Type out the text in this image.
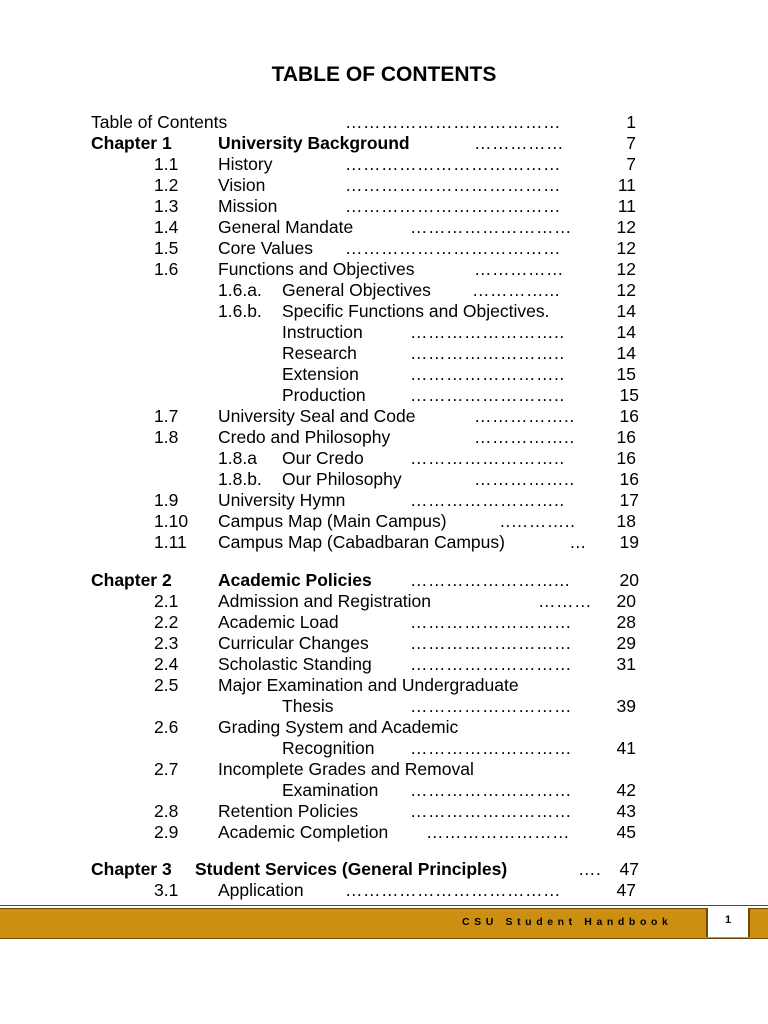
TABLE OF CONTENTS
Table of Contents	………………………………	1
Chapter 1	University Background	……………	7
1.1 History	………………………………	7
1.2 Vision	………………………………	11
1.3 Mission	………………………………	11
1.4 General Mandate	………………………	12
1.5 Core Values ………………………………	12
1.6 Functions and Objectives	……………	12
1.6.a. General Objectives …………...	12
1.6.b. Specific Functions and Objectives.	14
Instruction	……………………..	14
Research	……………………..	14
Extension	……………………..	15
Production	……………………..	15
1.7 University Seal and Code	……………..	16
1.8 Credo and Philosophy	…………….. 16
1.8.a Our Credo	……………………..	16
1.8.b. Our Philosophy	……………..	16
1.9 University Hymn	……………………..	17
1.10 Campus Map (Main Campus)	..……….. 18
1.11 Campus Map (Cabadbaran Campus)	... 19
Chapter 2	Academic Policies ……………………...	20
2.1 Admission and Registration	……… 20
2.2 Academic Load	………………………	28
2.3 Curricular Changes ………………………	29
2.4 Scholastic Standing ………………………	31
2.5 Major Examination and Undergraduate
Thesis	………………………	39
2.6 Grading System and Academic
Recognition ………………………	41
2.7 Incomplete Grades and Removal
Examination ………………………	42
2.8 Retention Policies	………………………	43
2.9 Academic Completion ……………………	45
Chapter 3 Student Services (General Principles)	…. 47
3.1 Application ………………………………	47
CSU Student Handbook	1
